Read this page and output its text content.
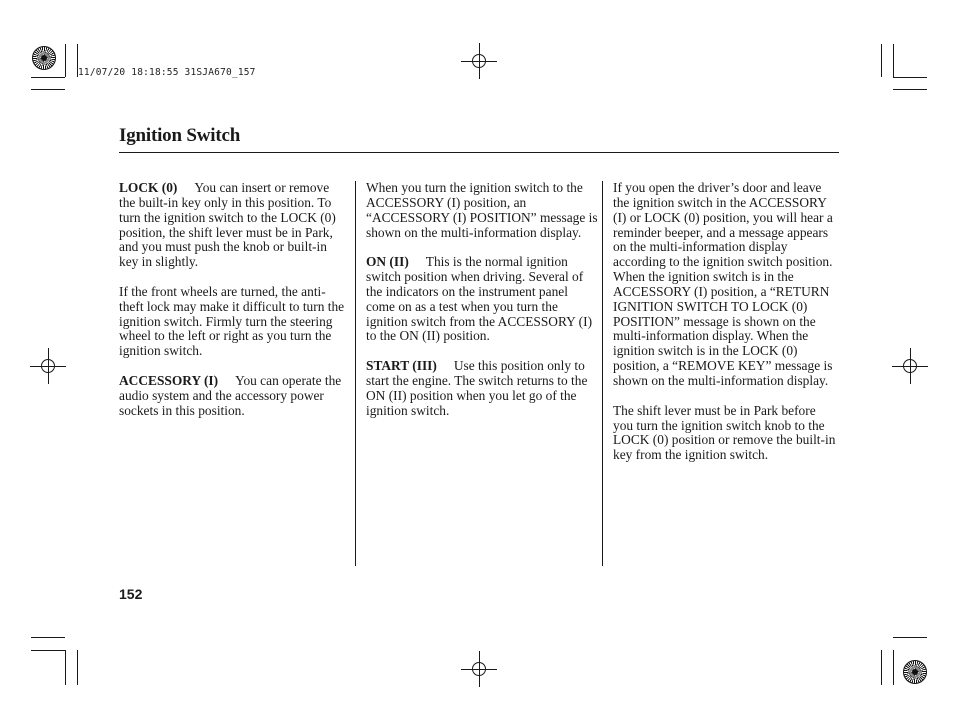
11/07/20 18:18:55 31SJA670_157
Ignition Switch

LOCK (0) You can insert or remove the built-in key only in this position. To turn the ignition switch to the LOCK (0) position, the shift lever must be in Park, and you must push the knob or built-in key in slightly.

If the front wheels are turned, the anti-theft lock may make it difficult to turn the ignition switch. Firmly turn the steering wheel to the left or right as you turn the ignition switch.

ACCESSORY (I) You can operate the audio system and the accessory power sockets in this position.

When you turn the ignition switch to the ACCESSORY (I) position, an “ACCESSORY (I) POSITION” message is shown on the multi-information display.

ON (II) This is the normal ignition switch position when driving. Several of the indicators on the instrument panel come on as a test when you turn the ignition switch from the ACCESSORY (I) to the ON (II) position.

START (III) Use this position only to start the engine. The switch returns to the ON (II) position when you let go of the ignition switch.

If you open the driver’s door and leave the ignition switch in the ACCESSORY (I) or LOCK (0) position, you will hear a reminder beeper, and a message appears on the multi-information display according to the ignition switch position. When the ignition switch is in the ACCESSORY (I) position, a “RETURN IGNITION SWITCH TO LOCK (0) POSITION” message is shown on the multi-information display. When the ignition switch is in the LOCK (0) position, a “REMOVE KEY” message is shown on the multi-information display.

The shift lever must be in Park before you turn the ignition switch knob to the LOCK (0) position or remove the built-in key from the ignition switch.

152
